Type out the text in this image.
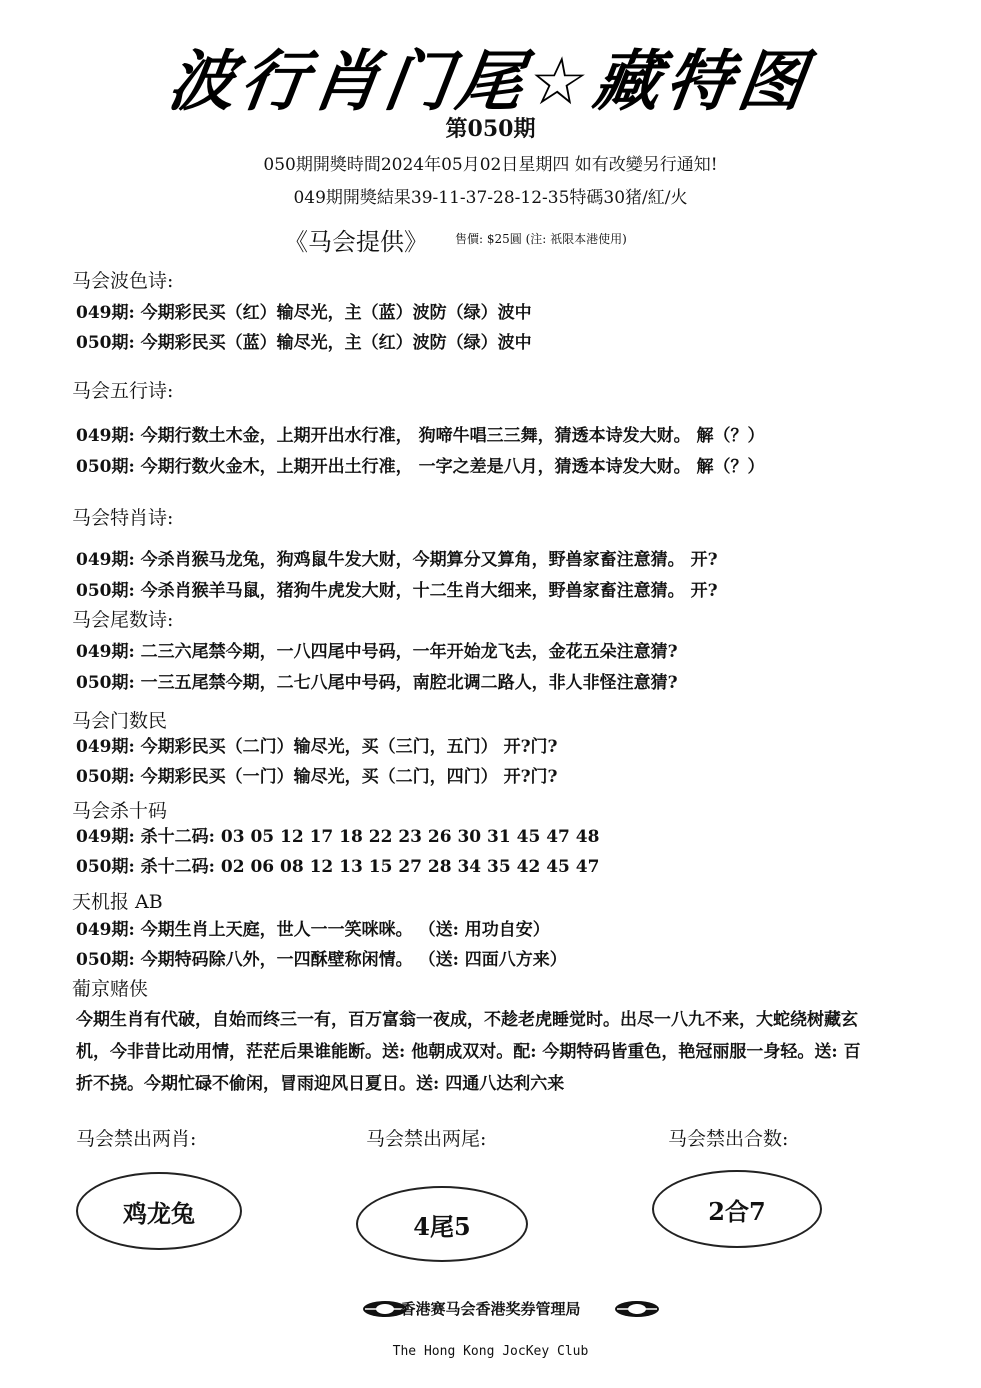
波行肖门尾☆藏特图
第050期
050期開獎時間2024年05月02日星期四 如有改變另行通知!
049期開獎結果39-11-37-28-12-35特碼30猪/紅/火
《马会提供》 售價: $25圓 (注: 祇限本港使用)
马会波色诗:
049期: 今期彩民买（红）输尽光，主（蓝）波防（绿）波中
050期: 今期彩民买（蓝）输尽光，主（红）波防（绿）波中
马会五行诗:
049期: 今期行数土木金，上期开出水行准， 狗啼牛唱三三舞，猜透本诗发大财。 解（？）
050期: 今期行数火金木，上期开出土行准， 一字之差是八月，猜透本诗发大财。 解（？）
马会特肖诗:
049期: 今杀肖猴马龙兔，狗鸡鼠牛发大财，今期算分又算角，野兽家畜注意猜。 开?
050期: 今杀肖猴羊马鼠，猪狗牛虎发大财，十二生肖大细来，野兽家畜注意猜。 开?
马会尾数诗:
049期: 二三六尾禁今期，一八四尾中号码，一年开始龙飞去，金花五朵注意猜?
050期: 一三五尾禁今期，二七八尾中号码，南腔北调二路人，非人非怪注意猜?
马会门数民
049期: 今期彩民买（二门）输尽光，买（三门，五门） 开?门?
050期: 今期彩民买（一门）输尽光，买（二门，四门） 开?门?
马会杀十码
049期: 杀十二码: 03 05 12 17 18 22 23 26 30 31 45 47 48
050期: 杀十二码: 02 06 08 12 13 15 27 28 34 35 42 45 47
天机报 AB
049期: 今期生肖上天庭，世人一一笑咪咪。 （送: 用功自安）
050期: 今期特码除八外，一四酥壁称闲情。 （送: 四面八方来）
葡京赌侠
今期生肖有代破，自始而终三一有，百万富翁一夜成，不趁老虎睡觉时。出尽一八九不来，大蛇绕树藏玄机，今非昔比动用情，茫茫后果谁能断。送: 他朝成双对。配: 今期特码皆重色，艳冠丽服一身轻。送: 百折不挠。今期忙碌不偷闲，冒雨迎风日夏日。送: 四通八达利六来
马会禁出两肖:	马会禁出两尾:	马会禁出合数:
鸡龙兔	4尾5
2合7
香港赛马会香港奖券管理局
The Hong Kong JocKey Club
